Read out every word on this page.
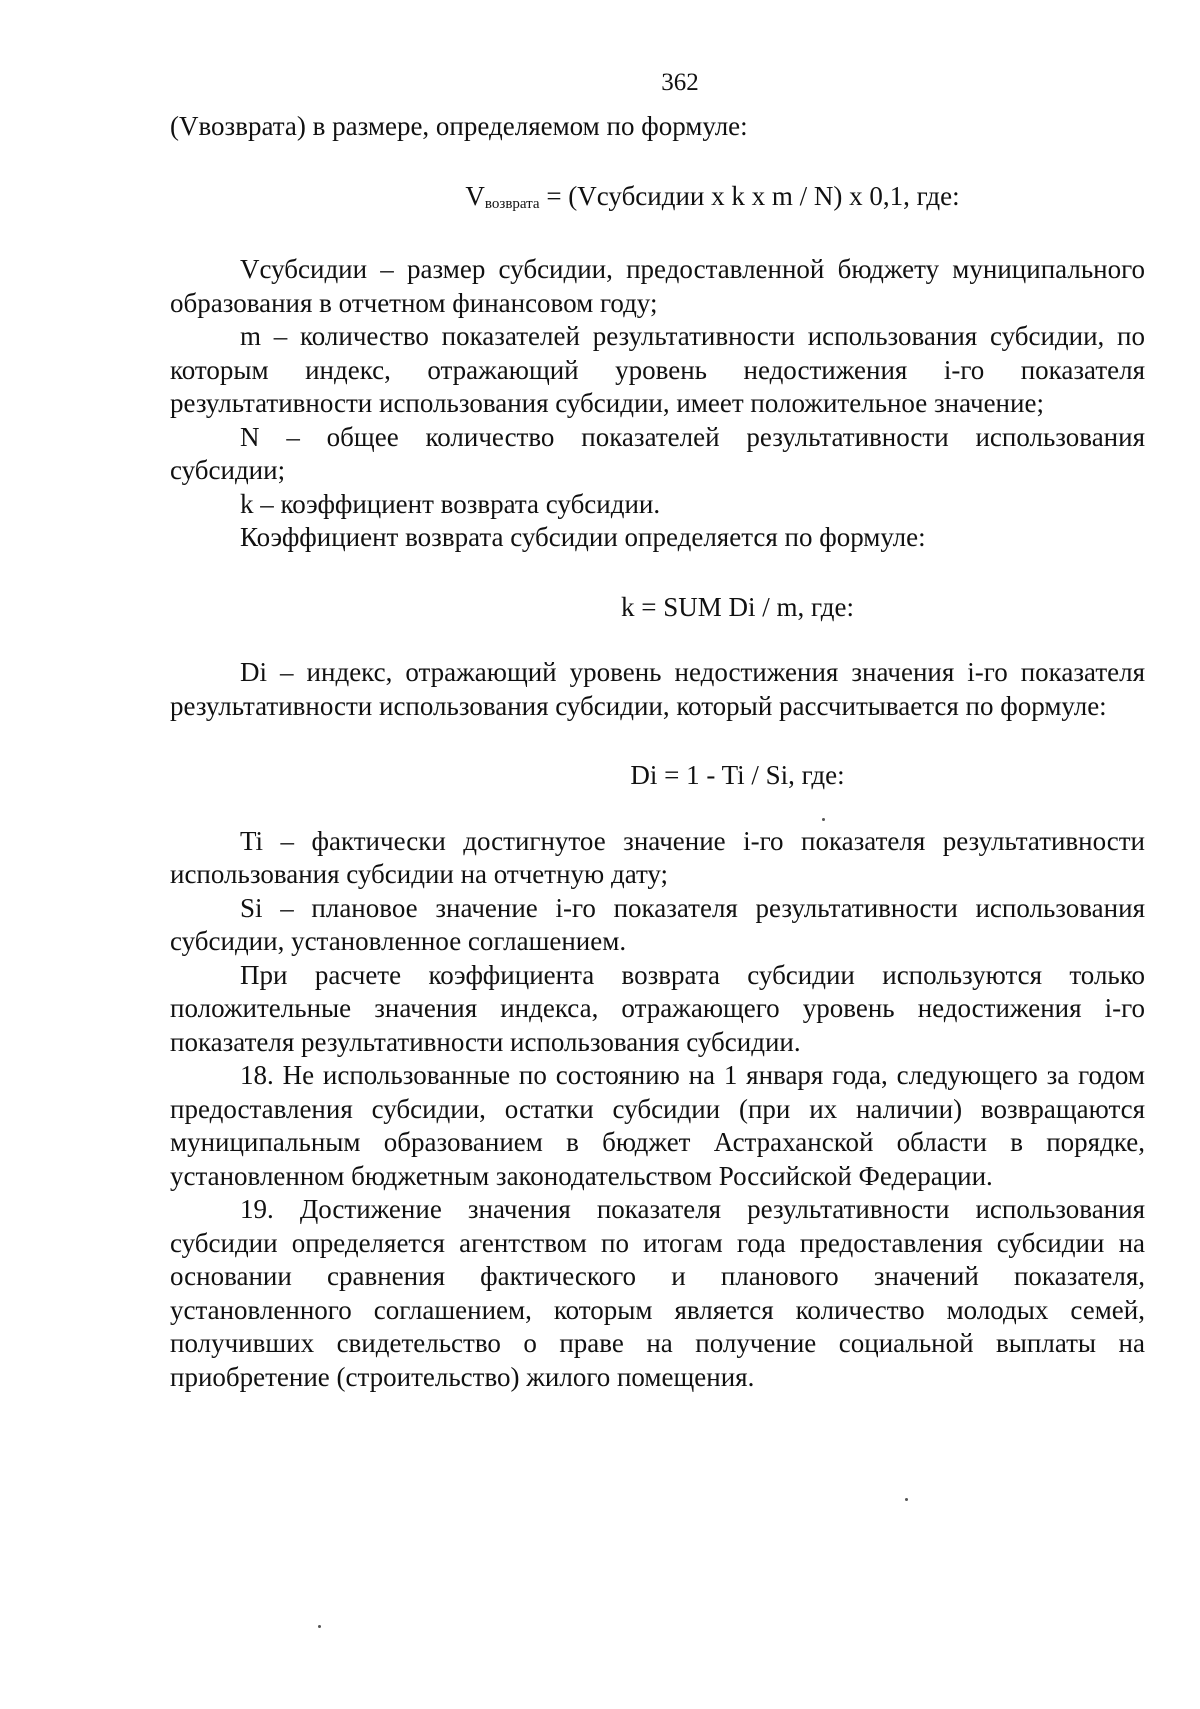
362

(Vвозврата) в размере, определяемом по формуле:

$V_{возврата}$ = (Vсубсидии x k x m / N) x 0,1, где:

Vсубсидии – размер субсидии, предоставленной бюджету муниципального образования в отчетном финансовом году;

m – количество показателей результативности использования субсидии, по которым индекс, отражающий уровень недостижения i-го показателя результативности использования субсидии, имеет положительное значение;

N – общее количество показателей результативности использования субсидии;

k – коэффициент возврата субсидии.

Коэффициент возврата субсидии определяется по формуле:

k = SUM Di / m, где:

Di – индекс, отражающий уровень недостижения значения i-го показателя результативности использования субсидии, который рассчитывается по формуле:

Di = 1 - Ti / Si, где:

Ti – фактически достигнутое значение i-го показателя результативности использования субсидии на отчетную дату;

Si – плановое значение i-го показателя результативности использования субсидии, установленное соглашением.

При расчете коэффициента возврата субсидии используются только положительные значения индекса, отражающего уровень недостижения i-го показателя результативности использования субсидии.

18. Не использованные по состоянию на 1 января года, следующего за годом предоставления субсидии, остатки субсидии (при их наличии) возвращаются муниципальным образованием в бюджет Астраханской области в порядке, установленном бюджетным законодательством Российской Федерации.

19. Достижение значения показателя результативности использования субсидии определяется агентством по итогам года предоставления субсидии на основании сравнения фактического и планового значений показателя, установленного соглашением, которым является количество молодых семей, получивших свидетельство о праве на получение социальной выплаты на приобретение (строительство) жилого помещения.
